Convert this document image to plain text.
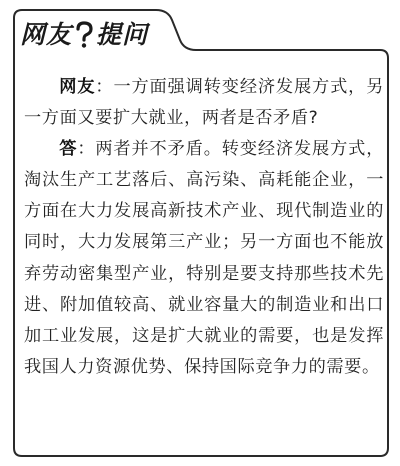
网友 提问

网友：一方面强调转变经济发展方式，另一方面又要扩大就业，两者是否矛盾?

答：两者并不矛盾。转变经济发展方式，淘汰生产工艺落后、高污染、高耗能企业，一方面在大力发展高新技术产业、现代制造业的同时，大力发展第三产业；另一方面也不能放弃劳动密集型产业，特别是要支持那些技术先进、附加值较高、就业容量大的制造业和出口加工业发展，这是扩大就业的需要，也是发挥我国人力资源优势、保持国际竞争力的需要。
